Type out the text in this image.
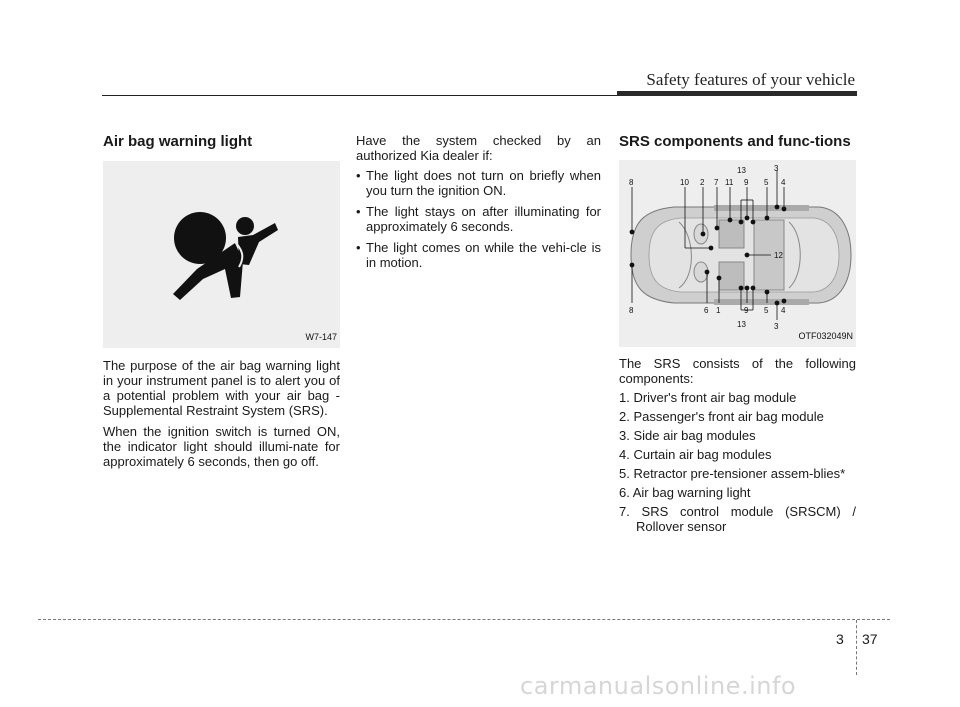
Safety features of your vehicle
Air bag warning light
W7-147

The purpose of the air bag warning light in your instrument panel is to alert you of a potential problem with your air bag - Supplemental Restraint System (SRS).

When the ignition switch is turned ON, the indicator light should illumi-nate for approximately 6 seconds, then go off.

Have the system checked by an authorized Kia dealer if:

• The light does not turn on briefly when you turn the ignition ON.
• The light stays on after illuminating for approximately 6 seconds.
• The light comes on while the vehi-cle is in motion.
SRS components and func-tions
8	10 2 7 11 9 5 4
13	3
12
8	6 1	9 5 4
13	3
OTF032049N

The SRS consists of the following components:

1. Driver's front air bag module
2. Passenger's front air bag module
3. Side air bag modules
4. Curtain air bag modules
5. Retractor pre-tensioner assem-blies*
6. Air bag warning light
7. SRS control module (SRSCM) / Rollover sensor
3 37
carmanualsonline.info
